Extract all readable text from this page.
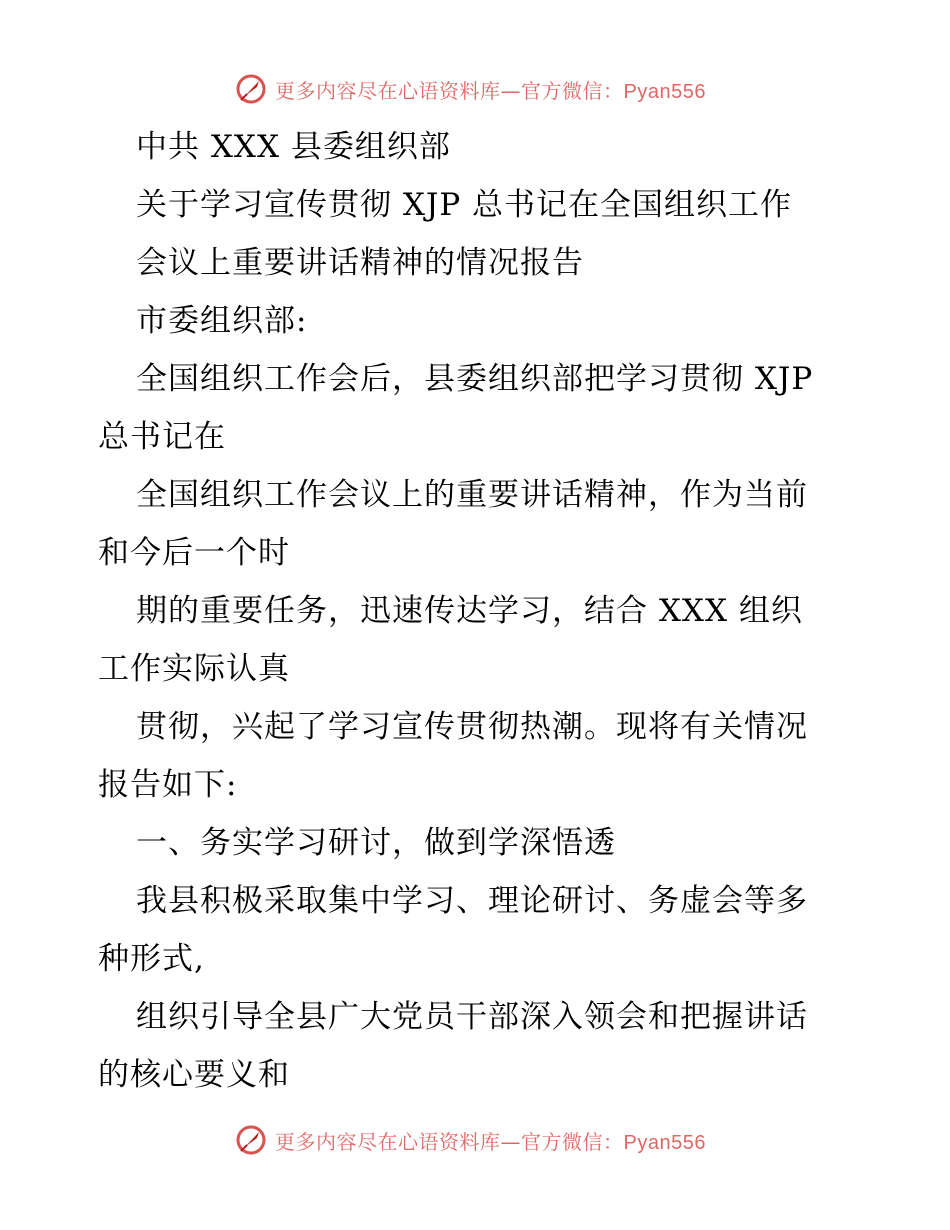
更多内容尽在心语资料库—官方微信：Pyan556

中共 XXX 县委组织部

关于学习宣传贯彻 XJP 总书记在全国组织工作

会议上重要讲话精神的情况报告

市委组织部:

全国组织工作会后，县委组织部把学习贯彻 XJP

总书记在

全国组织工作会议上的重要讲话精神，作为当前

和今后一个时

期的重要任务，迅速传达学习，结合 XXX 组织

工作实际认真

贯彻，兴起了学习宣传贯彻热潮。现将有关情况

报告如下:

一、务实学习研讨，做到学深悟透

我县积极采取集中学习、理论研讨、务虚会等多

种形式,

组织引导全县广大党员干部深入领会和把握讲话

的核心要义和

更多内容尽在心语资料库—官方微信：Pyan556
